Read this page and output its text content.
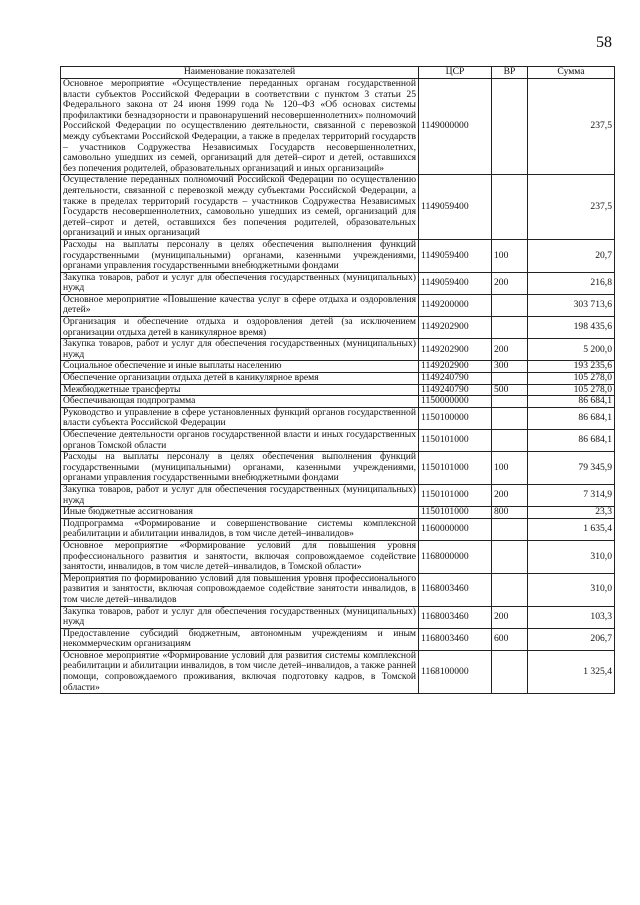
58
Наименование показателей	ЦСР	ВР	Сумма
Основное мероприятие «Осуществление переданных органам государственной власти субъектов Российской Федерации в соответствии с пунктом 3 статьи 25 Федерального закона от 24 июня 1999 года № 120–ФЗ «Об основах системы профилактики безнадзорности и правонарушений несовершеннолетних» полномочий Российской Федерации по осуществлению деятельности, связанной с перевозкой между субъектами Российской Федерации, а также в пределах территорий государств – участников Содружества Независимых Государств несовершеннолетних, самовольно ушедших из семей, организаций для детей–сирот и детей, оставшихся без попечения родителей, образовательных организаций и иных организаций»	1149000000		237,5
Осуществление переданных полномочий Российской Федерации по осуществлению деятельности, связанной с перевозкой между субъектами Российской Федерации, а также в пределах территорий государств – участников Содружества Независимых Государств несовершеннолетних, самовольно ушедших из семей, организаций для детей–сирот и детей, оставшихся без попечения родителей, образовательных организаций и иных организаций	1149059400		237,5
Расходы на выплаты персоналу в целях обеспечения выполнения функций государственными (муниципальными) органами, казенными учреждениями, органами управления государственными внебюджетными фондами	1149059400	100	20,7
Закупка товаров, работ и услуг для обеспечения государственных (муниципальных) нужд	1149059400	200	216,8
Основное мероприятие «Повышение качества услуг в сфере отдыха и оздоровления детей»	1149200000		303 713,6
Организация и обеспечение отдыха и оздоровления детей (за исключением организации отдыха детей в каникулярное время)	1149202900		198 435,6
Закупка товаров, работ и услуг для обеспечения государственных (муниципальных) нужд	1149202900	200	5 200,0
Социальное обеспечение и иные выплаты населению	1149202900	300	193 235,6
Обеспечение организации отдыха детей в каникулярное время	1149240790		105 278,0
Межбюджетные трансферты	1149240790	500	105 278,0
Обеспечивающая подпрограмма	1150000000		86 684,1
Руководство и управление в сфере установленных функций органов государственной власти субъекта Российской Федерации	1150100000		86 684,1
Обеспечение деятельности органов государственной власти и иных государственных органов Томской области	1150101000		86 684,1
Расходы на выплаты персоналу в целях обеспечения выполнения функций государственными (муниципальными) органами, казенными учреждениями, органами управления государственными внебюджетными фондами	1150101000	100	79 345,9
Закупка товаров, работ и услуг для обеспечения государственных (муниципальных) нужд	1150101000	200	7 314,9
Иные бюджетные ассигнования	1150101000	800	23,3
Подпрограмма «Формирование и совершенствование системы комплексной реабилитации и абилитации инвалидов, в том числе детей–инвалидов»	1160000000		1 635,4
Основное мероприятие «Формирование условий для повышения уровня профессионального развития и занятости, включая сопровождаемое содействие занятости, инвалидов, в том числе детей–инвалидов, в Томской области»	1168000000		310,0
Мероприятия по формированию условий для повышения уровня профессионального развития и занятости, включая сопровождаемое содействие занятости инвалидов, в том числе детей–инвалидов	1168003460		310,0
Закупка товаров, работ и услуг для обеспечения государственных (муниципальных) нужд	1168003460	200	103,3
Предоставление субсидий бюджетным, автономным учреждениям и иным некоммерческим организациям	1168003460	600	206,7
Основное мероприятие «Формирование условий для развития системы комплексной реабилитации и абилитации инвалидов, в том числе детей–инвалидов, а также ранней помощи, сопровождаемого проживания, включая подготовку кадров, в Томской области»	1168100000		1 325,4
